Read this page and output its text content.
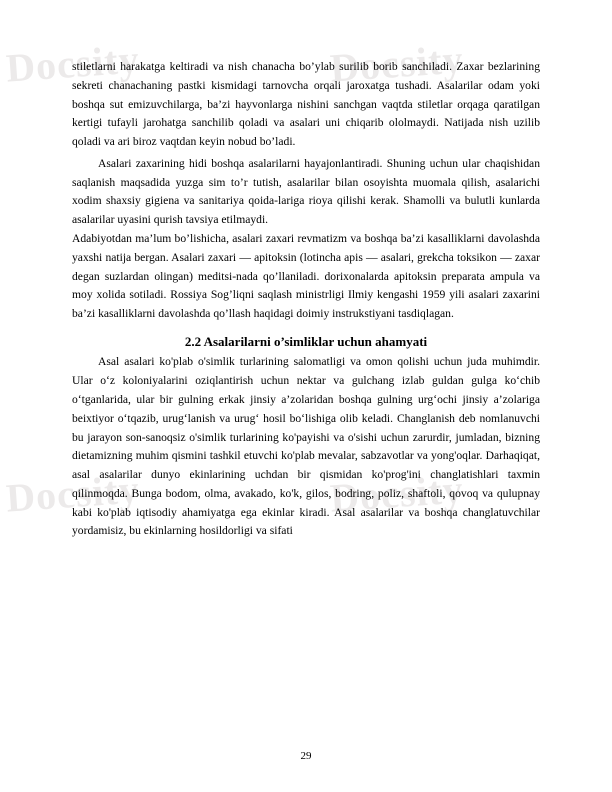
Docsity	Docsity
Docsity	Docsity

stiletlarni harakatga keltiradi va nish chanacha bo’ylab surilib borib sanchiladi. Zaxar bezlarining sekreti chanachaning pastki kismidagi tarnovcha orqali jaroxatga tushadi. Asalarilar odam yoki boshqa sut emizuvchilarga, ba’zi hayvonlarga nishini sanchgan vaqtda stiletlar orqaga qaratilgan kertigi tufayli jarohatga sanchilib qoladi va asalari uni chiqarib ololmaydi. Natijada nish uzilib qoladi va ari biroz vaqtdan keyin nobud bo’ladi.

Asalari zaxarining hidi boshqa asalarilarni hayajonlantiradi. Shuning uchun ular chaqishidan saqlanish maqsadida yuzga sim to’r tutish, asalarilar bilan osoyishta muomala qilish, asalarichi xodim shaxsiy gigiena va sanitariya qoida-lariga rioya qilishi kerak. Shamolli va bulutli kunlarda asalarilar uyasini qurish tavsiya etilmaydi.

Adabiyotdan ma’lum bo’lishicha, asalari zaxari revmatizm va boshqa ba’zi kasalliklarni davolashda yaxshi natija bergan. Asalari zaxari — apitoksin (lotincha apis — asalari, grekcha toksikon — zaxar degan suzlardan olingan) meditsi-nada qo’llaniladi. dorixonalarda apitoksin preparata ampula va moy xolida sotiladi. Rossiya Sog’liqni saqlash ministrligi Ilmiy kengashi 1959 yili asalari zaxarini ba’zi kasalliklarni davolashda qo’llash haqidagi doimiy instrukstiyani tasdiqlagan.

2.2 Asalarilarni o’simliklar uchun ahamyati

Asal asalari ko'plab o'simlik turlarining salomatligi va omon qolishi uchun juda muhimdir. Ular o‘z koloniyalarini oziqlantirish uchun nektar va gulchang izlab guldan gulga ko‘chib o‘tganlarida, ular bir gulning erkak jinsiy a’zolaridan boshqa gulning urg‘ochi jinsiy a’zolariga beixtiyor o‘tqazib, urug‘lanish va urug‘ hosil bo‘lishiga olib keladi. Changlanish deb nomlanuvchi bu jarayon son-sanoqsiz o'simlik turlarining ko'payishi va o'sishi uchun zarurdir, jumladan, bizning dietamizning muhim qismini tashkil etuvchi ko'plab mevalar, sabzavotlar va yong'oqlar. Darhaqiqat, asal asalarilar dunyo ekinlarining uchdan bir qismidan ko'prog'ini changlatishlari taxmin qilinmoqda. Bunga bodom, olma, avakado, ko'k, gilos, bodring, poliz, shaftoli, qovoq va qulupnay kabi ko'plab iqtisodiy ahamiyatga ega ekinlar kiradi. Asal asalarilar va boshqa changlatuvchilar yordamisiz, bu ekinlarning hosildorligi va sifati

29
